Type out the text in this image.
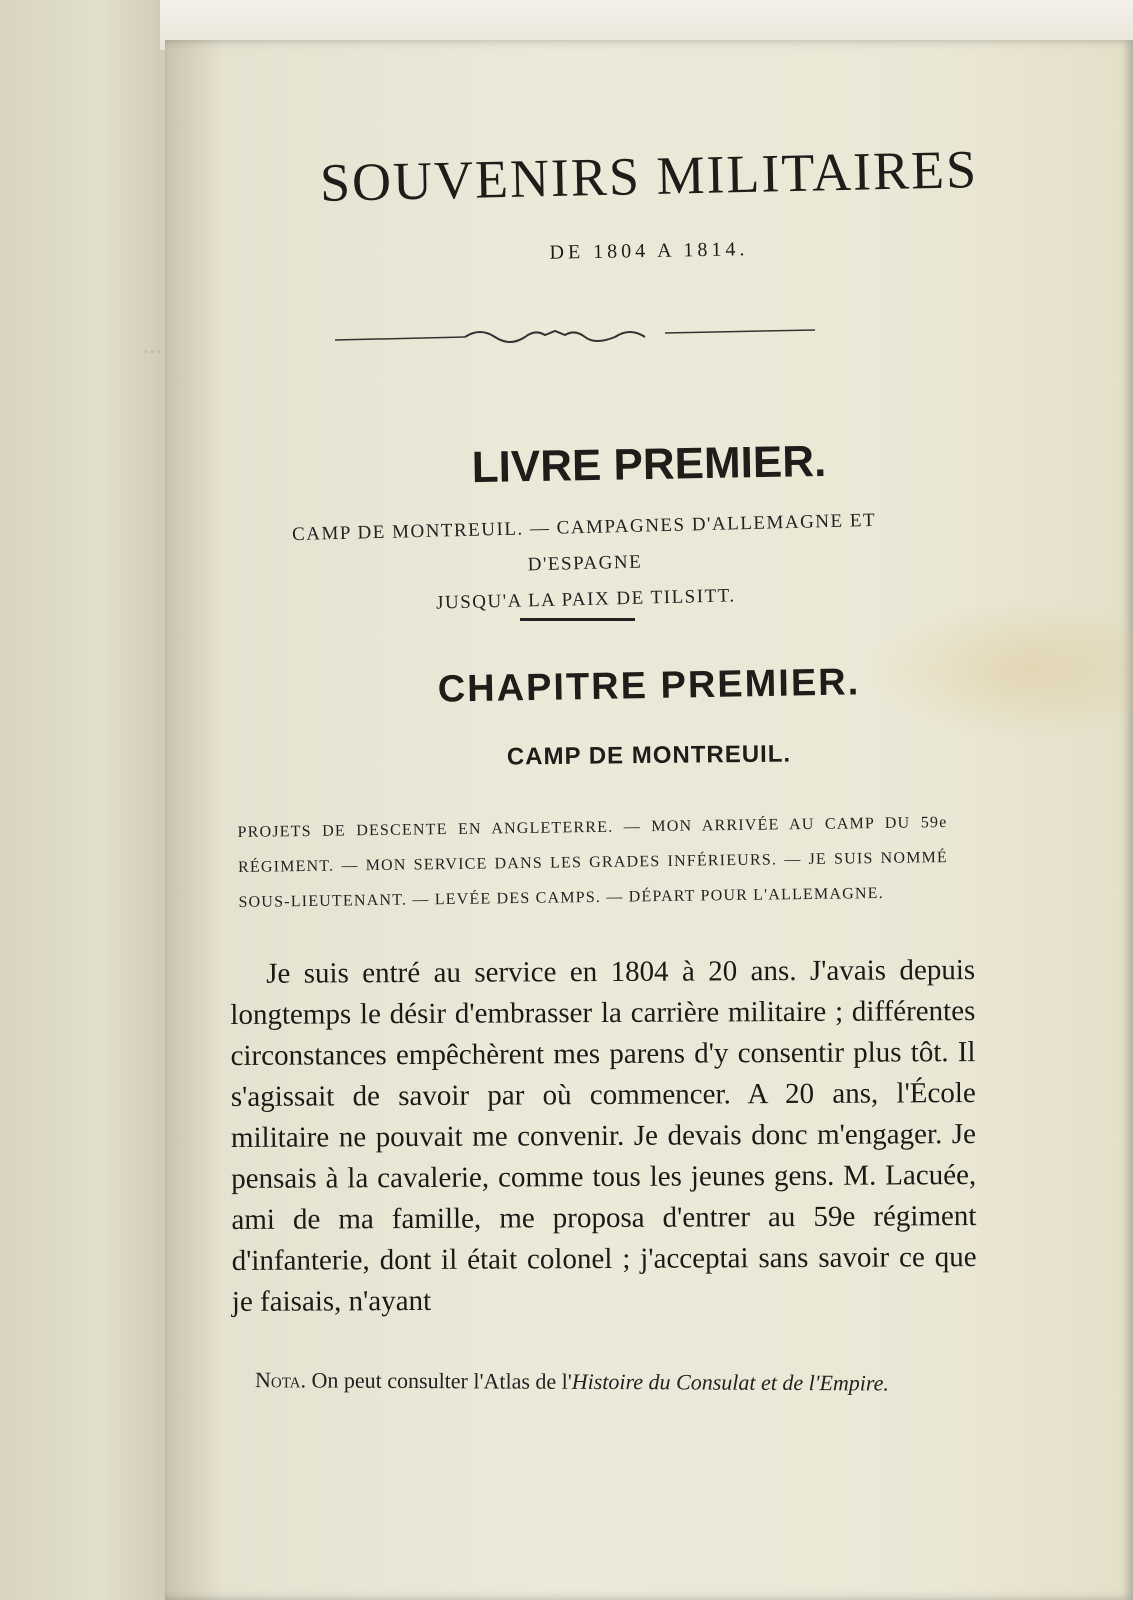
...
SOUVENIRS MILITAIRES
DE 1804 A 1814.
LIVRE PREMIER.
CAMP DE MONTREUIL. — CAMPAGNES D'ALLEMAGNE ET D'ESPAGNE
JUSQU'A LA PAIX DE TILSITT.
CHAPITRE PREMIER.
CAMP DE MONTREUIL.
PROJETS DE DESCENTE EN ANGLETERRE. — MON ARRIVÉE AU CAMP DU 59e RÉGIMENT. — MON SERVICE DANS LES GRADES INFÉRIEURS. — JE SUIS NOMMÉ SOUS-LIEUTENANT. — LEVÉE DES CAMPS. — DÉPART POUR L'ALLEMAGNE.

Je suis entré au service en 1804 à 20 ans. J'avais depuis longtemps le désir d'embrasser la carrière militaire ; différentes circonstances empêchèrent mes parens d'y consentir plus tôt. Il s'agissait de savoir par où commencer. A 20 ans, l'École militaire ne pouvait me convenir. Je devais donc m'engager. Je pensais à la cavalerie, comme tous les jeunes gens. M. Lacuée, ami de ma famille, me proposa d'entrer au 59e régiment d'infanterie, dont il était colonel ; j'acceptai sans savoir ce que je faisais, n'ayant

Nota. On peut consulter l'Atlas de l'Histoire du Consulat et de l'Empire.
